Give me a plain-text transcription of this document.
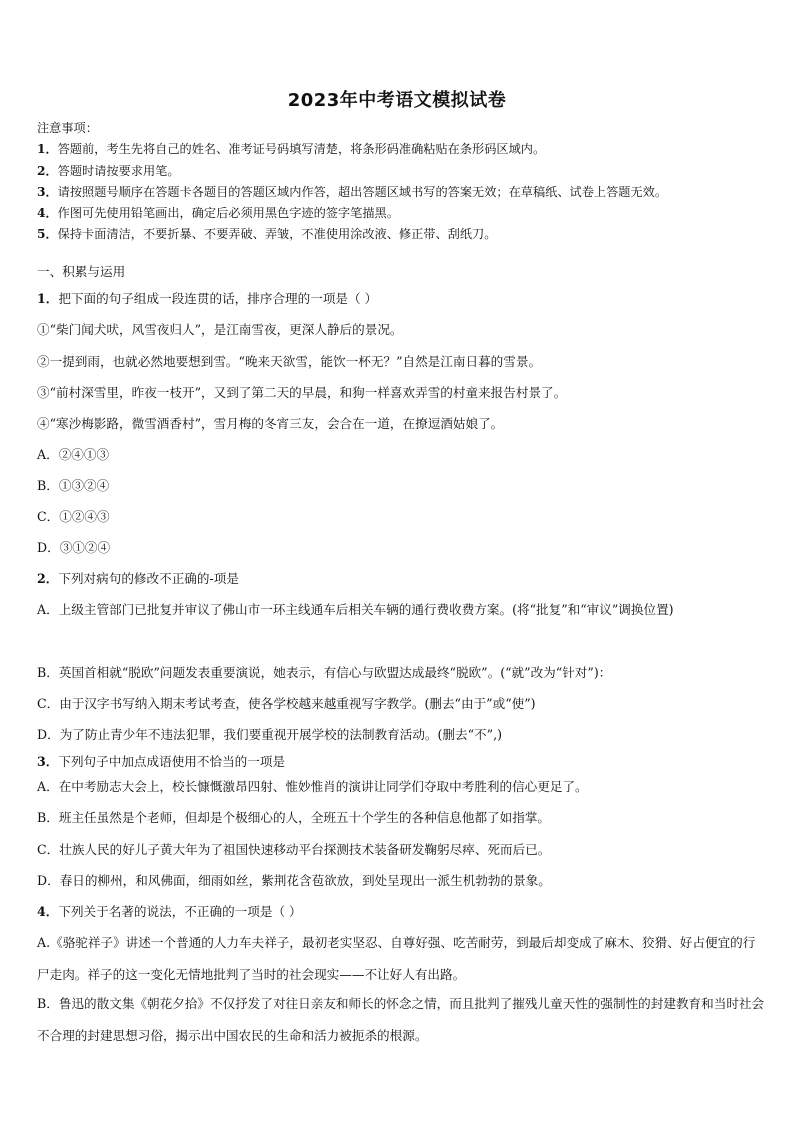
2023年中考语文模拟试卷
注意事项：
1．答题前，考生先将自己的姓名、准考证号码填写清楚，将条形码准确粘贴在条形码区域内。
2．答题时请按要求用笔。
3．请按照题号顺序在答题卡各题目的答题区域内作答，超出答题区域书写的答案无效；在草稿纸、试卷上答题无效。
4．作图可先使用铅笔画出，确定后必须用黑色字迹的签字笔描黑。
5．保持卡面清洁，不要折暴、不要弄破、弄皱，不准使用涂改液、修正带、刮纸刀。
一、积累与运用
1．把下面的句子组成一段连贯的话，排序合理的一项是（ ）
①“柴门闻犬吠，风雪夜归人”，是江南雪夜，更深人静后的景况。
②一提到雨，也就必然地要想到雪。“晚来天欲雪，能饮一杯无？”自然是江南日暮的雪景。
③“前村深雪里，昨夜一枝开”，又到了第二天的早晨，和狗一样喜欢弄雪的村童来报告村景了。
④“寒沙梅影路，微雪酒香村”，雪月梅的冬宵三友，会合在一道，在撩逗酒姑娘了。
A．②④①③
B．①③②④
C．①②④③
D．③①②④
2．下列对病句的修改不正确的-项是
A．上级主管部门已批复并审议了佛山市一环主线通车后相关车辆的通行费收费方案。(将“批复”和“审议”调换位置)
B．英国首相就“脱欧”问题发表重要演说，她表示，有信心与欧盟达成最终“脱欧”。(“就”改为“针对”)：
C．由于汉字书写纳入期末考试考查，使各学校越来越重视写字教学。(删去“由于”或“使”)
D．为了防止青少年不违法犯罪，我们要重视开展学校的法制教育活动。(删去“不”,)
3．下列句子中加点成语使用不恰当的一项是
A．在中考励志大会上，校长慷慨激昂四射、惟妙惟肖的演讲让同学们夺取中考胜利的信心更足了。
B．班主任虽然是个老师，但却是个极细心的人，全班五十个学生的各种信息他都了如指掌。
C．壮族人民的好儿子黄大年为了祖国快速移动平台探测技术装备研发鞠躬尽瘁、死而后已。
D．春日的柳州，和风佛面，细雨如丝，紫荆花含苞欲放，到处呈现出一派生机勃勃的景象。
4．下列关于名著的说法，不正确的一项是（ ）
A.《骆驼祥子》讲述一个普通的人力车夫祥子，最初老实坚忍、自尊好强、吃苦耐劳，到最后却变成了麻木、狡猾、好占便宜的行尸走肉。祥子的这一变化无情地批判了当时的社会现实——不让好人有出路。
B．鲁迅的散文集《朝花夕拾》不仅抒发了对往日亲友和师长的怀念之情，而且批判了摧残儿童天性的强制性的封建教育和当时社会不合理的封建思想习俗，揭示出中国农民的生命和活力被扼杀的根源。
